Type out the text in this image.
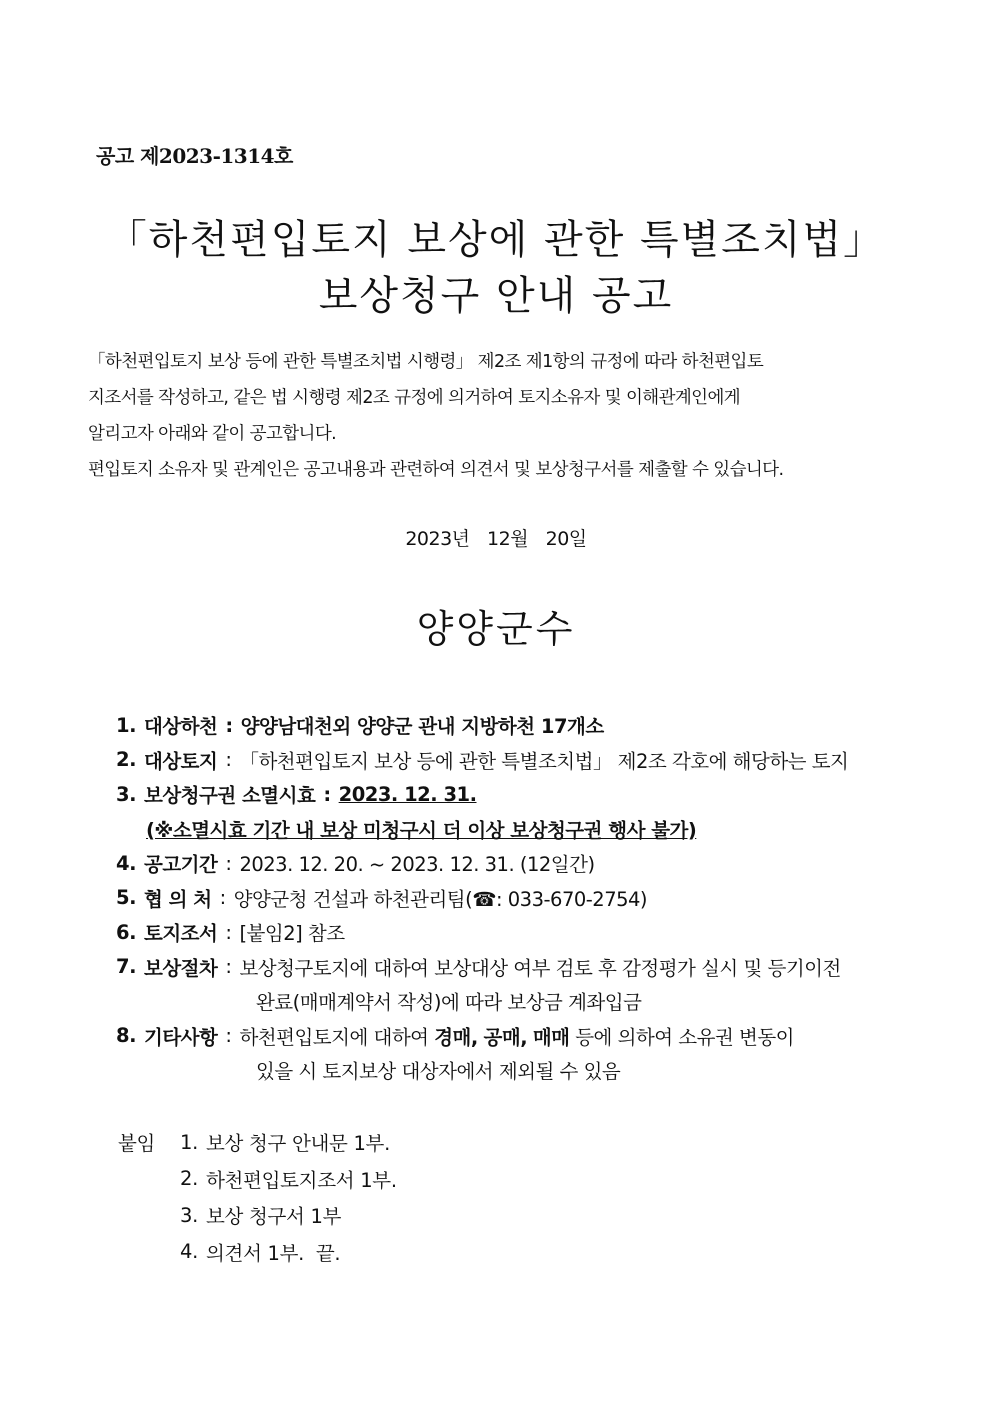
공고 제2023-1314호
「하천편입토지 보상에 관한 특별조치법」
보상청구 안내 공고

「하천편입토지 보상 등에 관한 특별조치법 시행령」 제2조 제1항의 규정에 따라 하천편입토

지조서를 작성하고, 같은 법 시행령 제2조 규정에 의거하여 토지소유자 및 이해관계인에게

알리고자 아래와 같이 공고합니다.

편입토지 소유자 및 관계인은 공고내용과 관련하여 의견서 및 보상청구서를 제출할 수 있습니다.

2023년 12월 20일
양양군수
1. 대상하천 : 양양남대천외 양양군 관내 지방하천 17개소
2. 대상토지 : 「하천편입토지 보상 등에 관한 특별조치법」 제2조 각호에 해당하는 토지
3. 보상청구권 소멸시효 : 2023. 12. 31.
(※소멸시효 기간 내 보상 미청구시 더 이상 보상청구권 행사 불가)
4. 공고기간 : 2023. 12. 20. ~ 2023. 12. 31. (12일간)
5. 협 의 처 : 양양군청 건설과 하천관리팀(☎: 033-670-2754)
6. 토지조서 : [붙임2] 참조
7. 보상절차 : 보상청구토지에 대하여 보상대상 여부 검토 후 감정평가 실시 및 등기이전
완료(매매계약서 작성)에 따라 보상금 계좌입금
8. 기타사항 : 하천편입토지에 대하여 경매, 공매, 매매 등에 의하여 소유권 변동이
있을 시 토지보상 대상자에서 제외될 수 있음
붙임	1. 보상 청구 안내문 1부.
2. 하천편입토지조서 1부.
3. 보상 청구서 1부
4. 의견서 1부.  끝.
